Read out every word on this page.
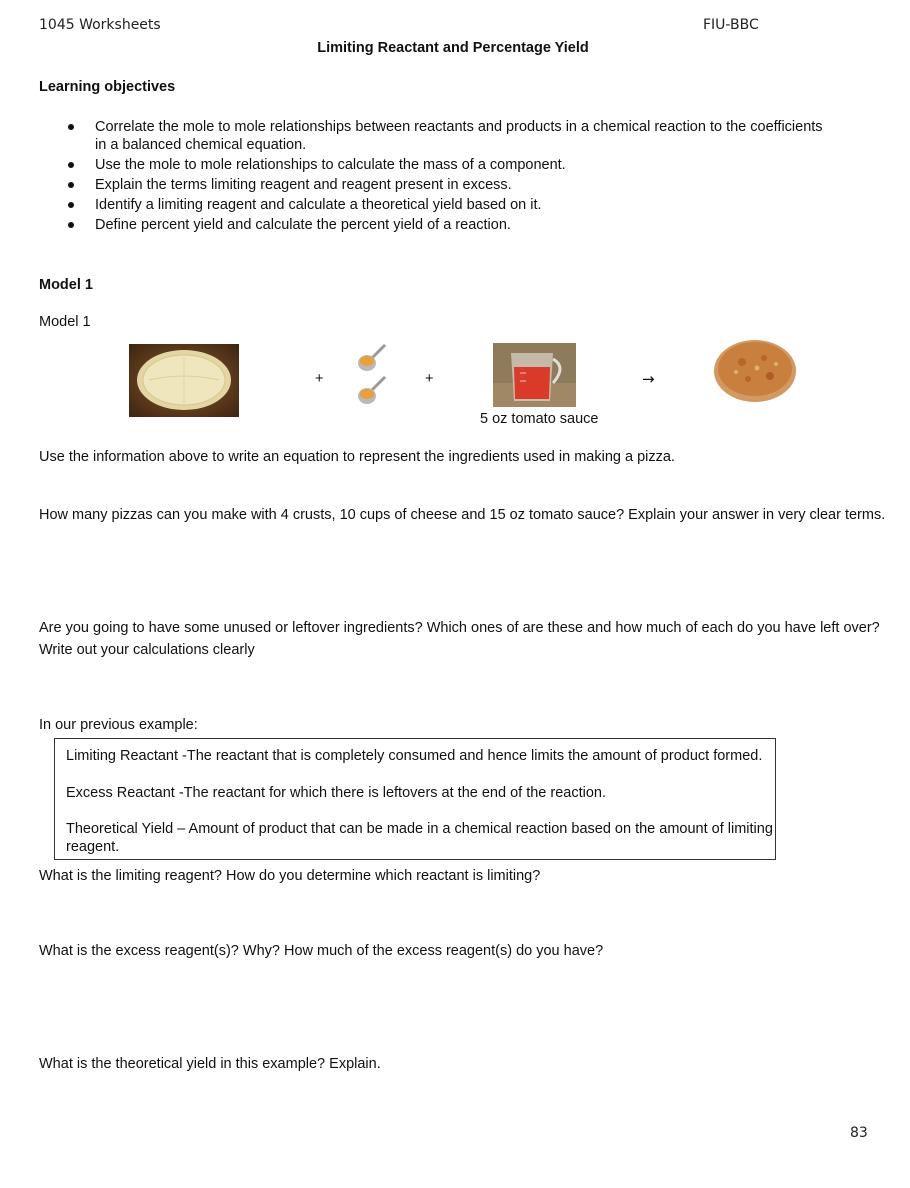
1045 Worksheets	FIU-BBC
Limiting Reactant and Percentage Yield
Learning objectives
Correlate the mole to mole relationships between reactants and products in a chemical reaction to the coefficients in a balanced chemical equation.
Use the mole to mole relationships to calculate the mass of a component.
Explain the terms limiting reagent and reagent present in excess.
Identify a limiting reagent and calculate a theoretical yield based on it.
Define percent yield and calculate the percent yield of a reaction.
Model 1
Model 1
+	+
5 oz tomato sauce
→
Use the information above to write an equation to represent the ingredients used in making a pizza.
How many pizzas can you make with 4 crusts, 10 cups of cheese and 15 oz tomato sauce? Explain your answer in very clear terms.
Are you going to have some unused or leftover ingredients? Which ones of are these and how much of each do you have left over?
Write out your calculations clearly
In our previous example:

Limiting Reactant -The reactant that is completely consumed and hence limits the amount of product formed.

Excess Reactant -The reactant for which there is leftovers at the end of the reaction.

Theoretical Yield – Amount of product that can be made in a chemical reaction based on the amount of limiting reagent.

What is the limiting reagent? How do you determine which reactant is limiting?
What is the excess reagent(s)? Why? How much of the excess reagent(s) do you have?
What is the theoretical yield in this example? Explain.
83
